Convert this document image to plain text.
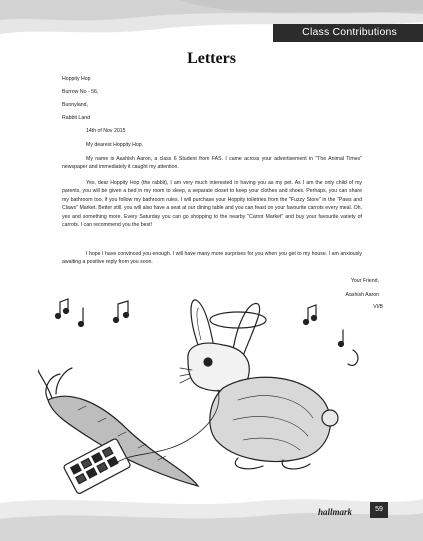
Class Contributions
Letters
Hoppity Hop
Burrow No - 56,
Bunnyland,
Rabbit Land
14th of Nov 2015
My dearest Hoppity Hop,
My name is Aashish Aaron, a class 6 Student from FAS. I came across your advertisement in "The Animal Times" newspaper and immediately it caught my attention.
Yes, dear Hoppity Hop (the rabbit), I am very much interested in having you as my pet. As I am the only child of my parents, you will be given a bed in my room to sleep, a separate closet to keep your clothes and shoes. Perhaps, you can share my bathroom too, if you follow my bathroom rules. I will purchase your Hoppity toiletries from the "Fuzzy Store" in the "Paws and Claws" Market. Better still, you will also have a seat at our dining table and you can feast on your favourite carrots every meal. Oh, yes and something more. Every Saturday you can go shopping to the nearby "Carrot Market" and buy your favourite variety of carrots. I can recommend you the best!
I hope I have convinced you enough. I will have many more surprises for you when you get to my house. I am anxiously awaiting a positive reply from you soon.
Your Friend,
Aashish Aaron
VI/B
hallmark	59
